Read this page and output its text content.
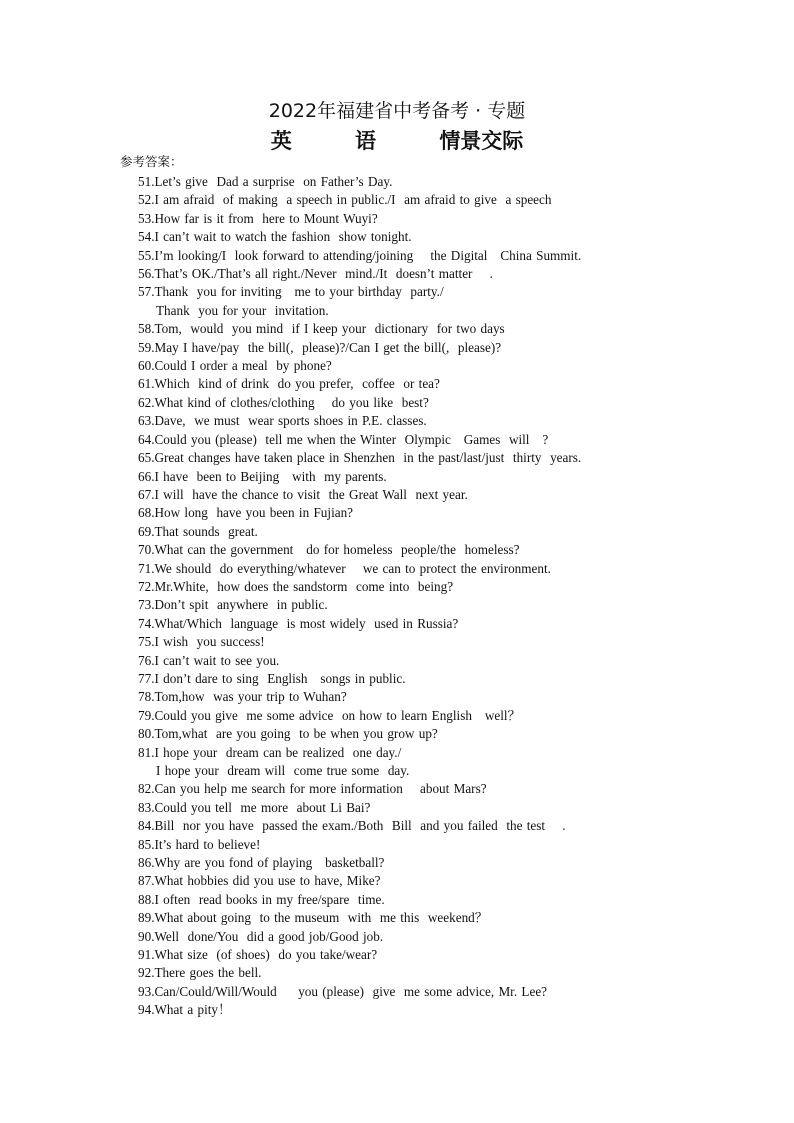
2022年福建省中考备考 · 专题
英	语	情景交际
参考答案：
51.Let’s give  Dad a surprise  on Father’s Day.
52.I am afraid  of making  a speech in public./I  am afraid to give  a speech
53.How far is it from  here to Mount Wuyi?
54.I can’t wait to watch the fashion  show tonight.
55.I’m looking/I  look forward to attending/joining    the Digital   China Summit.
56.That’s OK./That’s all right./Never  mind./It  doesn’t matter    .
57.Thank  you for inviting   me to your birthday  party./
Thank  you for your  invitation.
58.Tom,  would  you mind  if I keep your  dictionary  for two days
59.May I have/pay  the bill(,  please)?/Can I get the bill(,  please)?
60.Could I order a meal  by phone?
61.Which  kind of drink  do you prefer,  coffee  or tea?
62.What kind of clothes/clothing    do you like  best?
63.Dave,  we must  wear sports shoes in P.E. classes.
64.Could you (please)  tell me when the Winter  Olympic   Games  will   ?
65.Great changes have taken place in Shenzhen  in the past/last/just  thirty  years.
66.I have  been to Beijing   with  my parents.
67.I will  have the chance to visit  the Great Wall  next year.
68.How long  have you been in Fujian?
69.That sounds  great.
70.What can the government   do for homeless  people/the  homeless?
71.We should  do everything/whatever    we can to protect the environment.
72.Mr.White,  how does the sandstorm  come into  being?
73.Don’t spit  anywhere  in public.
74.What/Which  language  is most widely  used in Russia?
75.I wish  you success!
76.I can’t wait to see you.
77.I don’t dare to sing  English   songs in public.
78.Tom,how  was your trip to Wuhan?
79.Could you give  me some advice  on how to learn English   well？
80.Tom,what  are you going  to be when you grow up?
81.I hope your  dream can be realized  one day./
I hope your  dream will  come true some  day.
82.Can you help me search for more information    about Mars?
83.Could you tell  me more  about Li Bai?
84.Bill  nor you have  passed the exam./Both  Bill  and you failed  the test    .
85.It’s hard to believe!
86.Why are you fond of playing   basketball?
87.What hobbies did you use to have, Mike?
88.I often  read books in my free/spare  time.
89.What about going  to the museum  with  me this  weekend？
90.Well  done/You  did a good job/Good job.
91.What size  (of shoes)  do you take/wear?
92.There goes the bell.
93.Can/Could/Will/Would     you (please)  give  me some advice, Mr. Lee?
94.What a pity！
